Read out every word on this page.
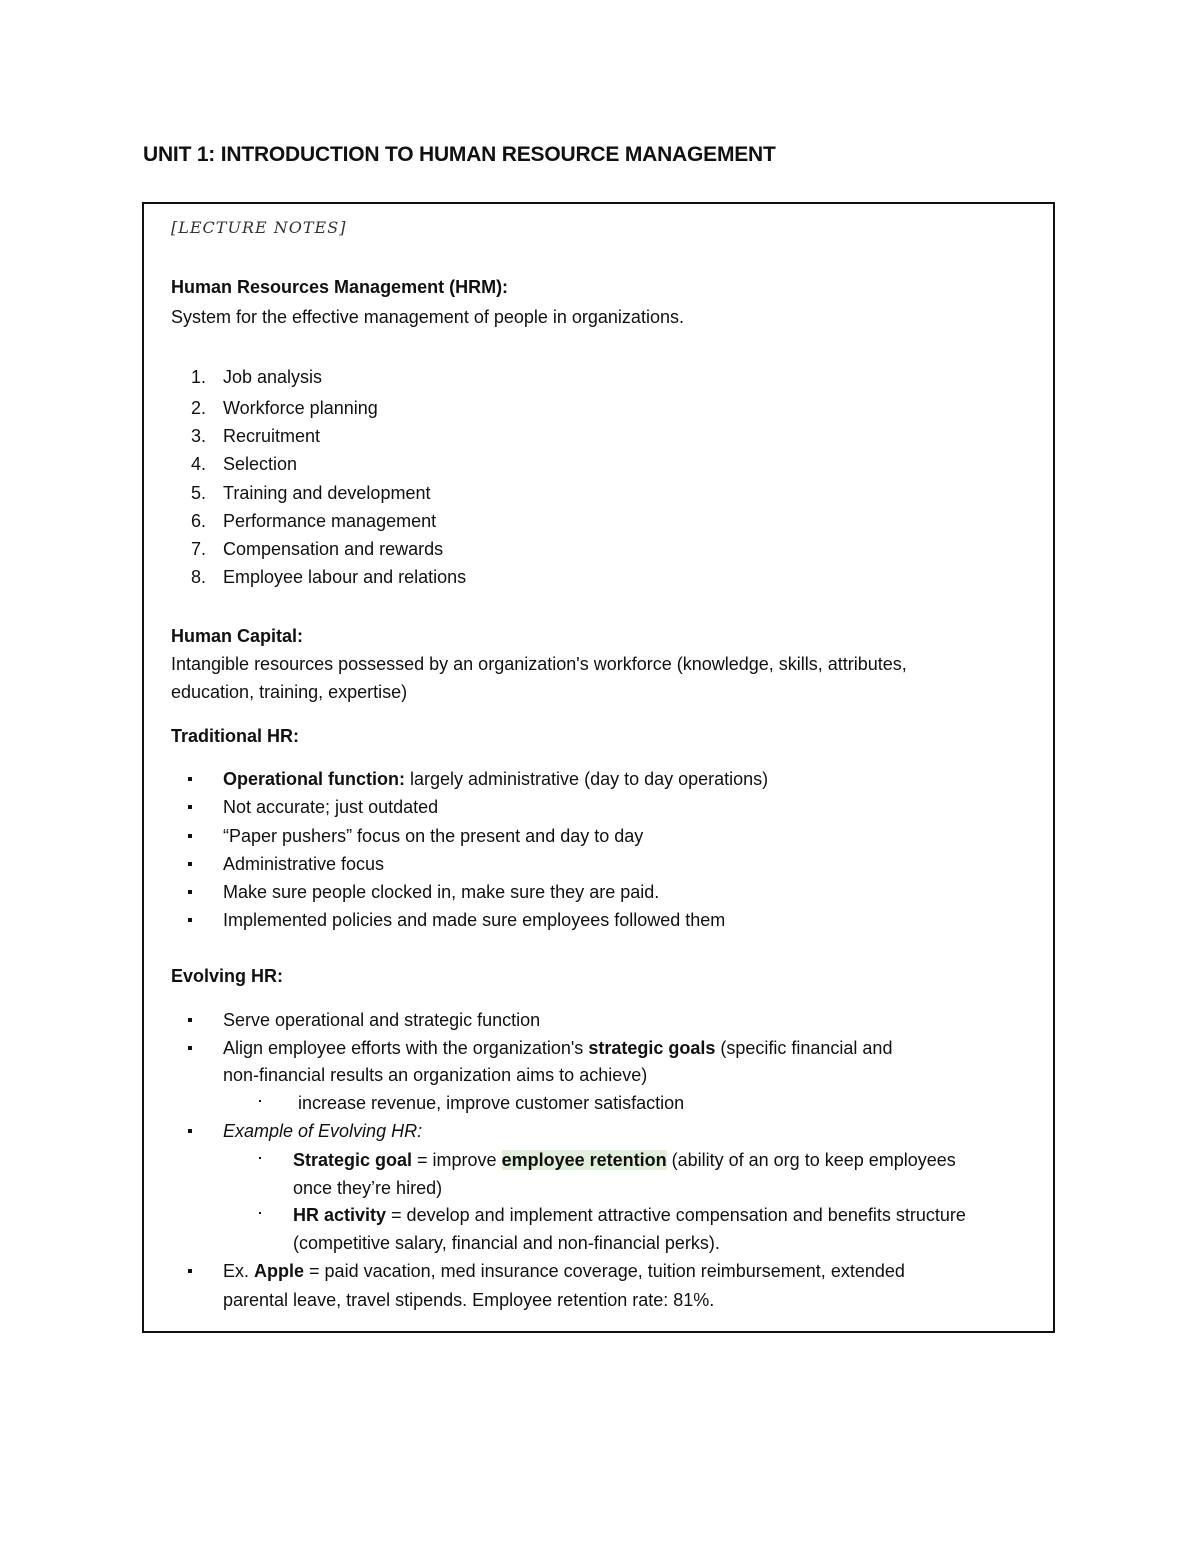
UNIT 1: INTRODUCTION TO HUMAN RESOURCE MANAGEMENT
[LECTURE NOTES]
Human Resources Management (HRM):
System for the effective management of people in organizations.
1. Job analysis
2. Workforce planning
3. Recruitment
4. Selection
5. Training and development
6. Performance management
7. Compensation and rewards
8. Employee labour and relations
Human Capital:
Intangible resources possessed by an organization's workforce (knowledge, skills, attributes,
education, training, expertise)
Traditional HR:
Operational function: largely administrative (day to day operations)
Not accurate; just outdated
“Paper pushers” focus on the present and day to day
Administrative focus
Make sure people clocked in, make sure they are paid.
Implemented policies and made sure employees followed them
Evolving HR:
Serve operational and strategic function
Align employee efforts with the organization's strategic goals (specific financial and
non-financial results an organization aims to achieve)
increase revenue, improve customer satisfaction
Example of Evolving HR:
Strategic goal = improve employee retention (ability of an org to keep employees
once they’re hired)
HR activity = develop and implement attractive compensation and benefits structure
(competitive salary, financial and non-financial perks).
Ex. Apple = paid vacation, med insurance coverage, tuition reimbursement, extended
parental leave, travel stipends. Employee retention rate: 81%.
